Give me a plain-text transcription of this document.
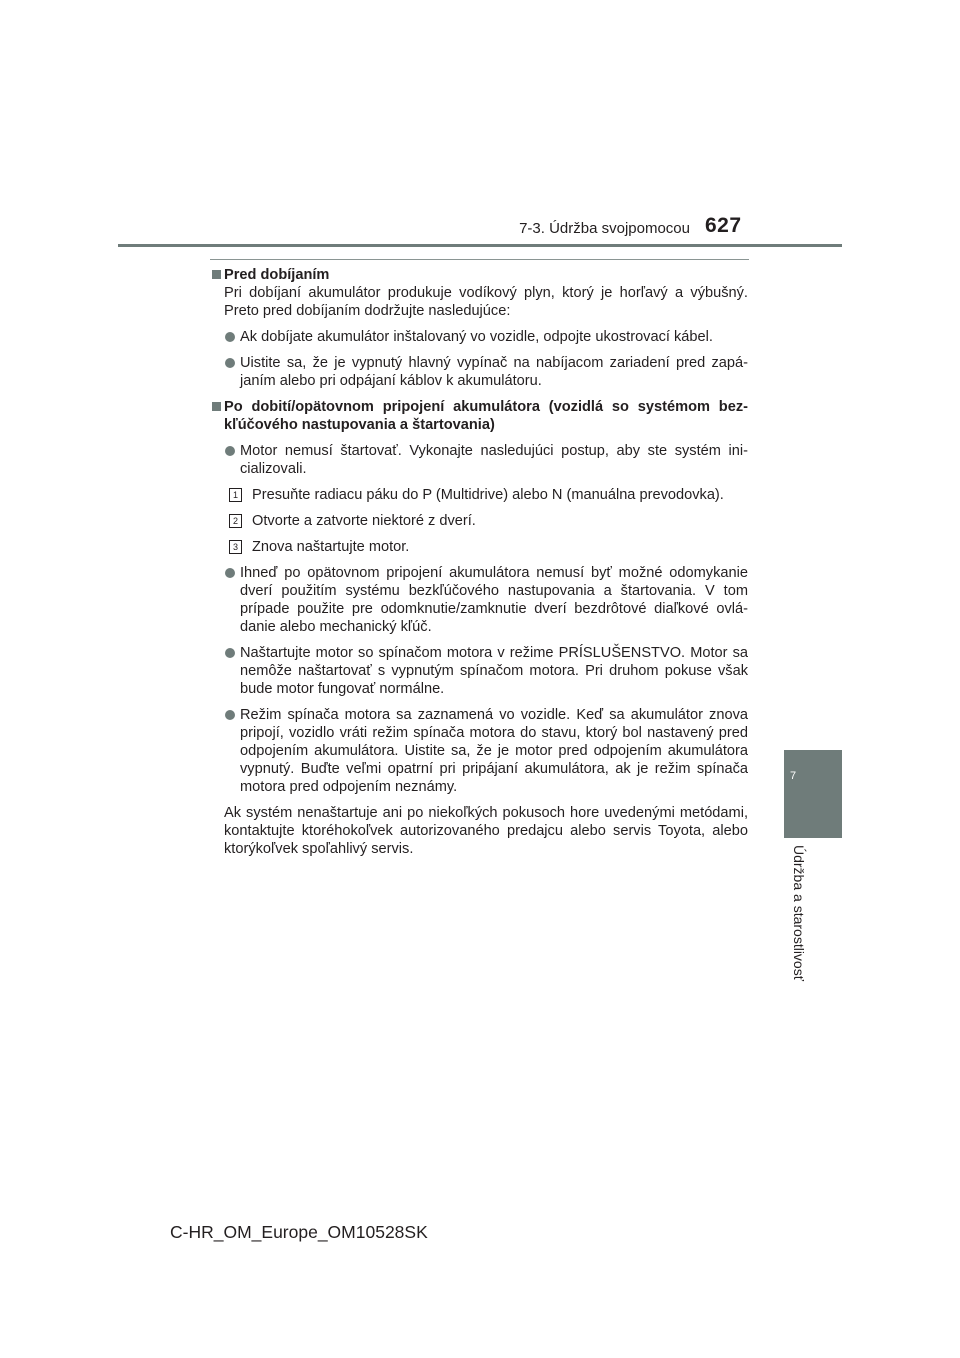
7-3. Údržba svojpomocou 627
7
Údržba a starostlivosť
Pred dobíjaním
Pri dobíjaní akumulátor produkuje vodíkový plyn, ktorý je horľavý a výbušný. Preto pred dobíjaním dodržujte nasledujúce:
Ak dobíjate akumulátor inštalovaný vo vozidle, odpojte ukostrovací kábel.
Uistite sa, že je vypnutý hlavný vypínač na nabíjacom zariadení pred zapájaním alebo pri odpájaní káblov k akumulátoru.
Po dobití/opätovnom pripojení akumulátora (vozidlá so systémom bezkľúčového nastupovania a štartovania)
Motor nemusí štartovať. Vykonajte nasledujúci postup, aby ste systém inicializovali.
1 Presuňte radiacu páku do P (Multidrive) alebo N (manuálna prevodovka).
2 Otvorte a zatvorte niektoré z dverí.
3 Znova naštartujte motor.
Ihneď po opätovnom pripojení akumulátora nemusí byť možné odomykanie dverí použitím systému bezkľúčového nastupovania a štartovania. V tom prípade použite pre odomknutie/zamknutie dverí bezdrôtové diaľkové ovládanie alebo mechanický kľúč.
Naštartujte motor so spínačom motora v režime PRÍSLUŠENSTVO. Motor sa nemôže naštartovať s vypnutým spínačom motora. Pri druhom pokuse však bude motor fungovať normálne.
Režim spínača motora sa zaznamená vo vozidle. Keď sa akumulátor znova pripojí, vozidlo vráti režim spínača motora do stavu, ktorý bol nastavený pred odpojením akumulátora. Uistite sa, že je motor pred odpojením akumulátora vypnutý. Buďte veľmi opatrní pri pripájaní akumulátora, ak je režim spínača motora pred odpojením neznámy.
Ak systém nenaštartuje ani po niekoľkých pokusoch hore uvedenými metódami, kontaktujte ktoréhokoľvek autorizovaného predajcu alebo servis Toyota, alebo ktorýkoľvek spoľahlivý servis.
C-HR_OM_Europe_OM10528SK
